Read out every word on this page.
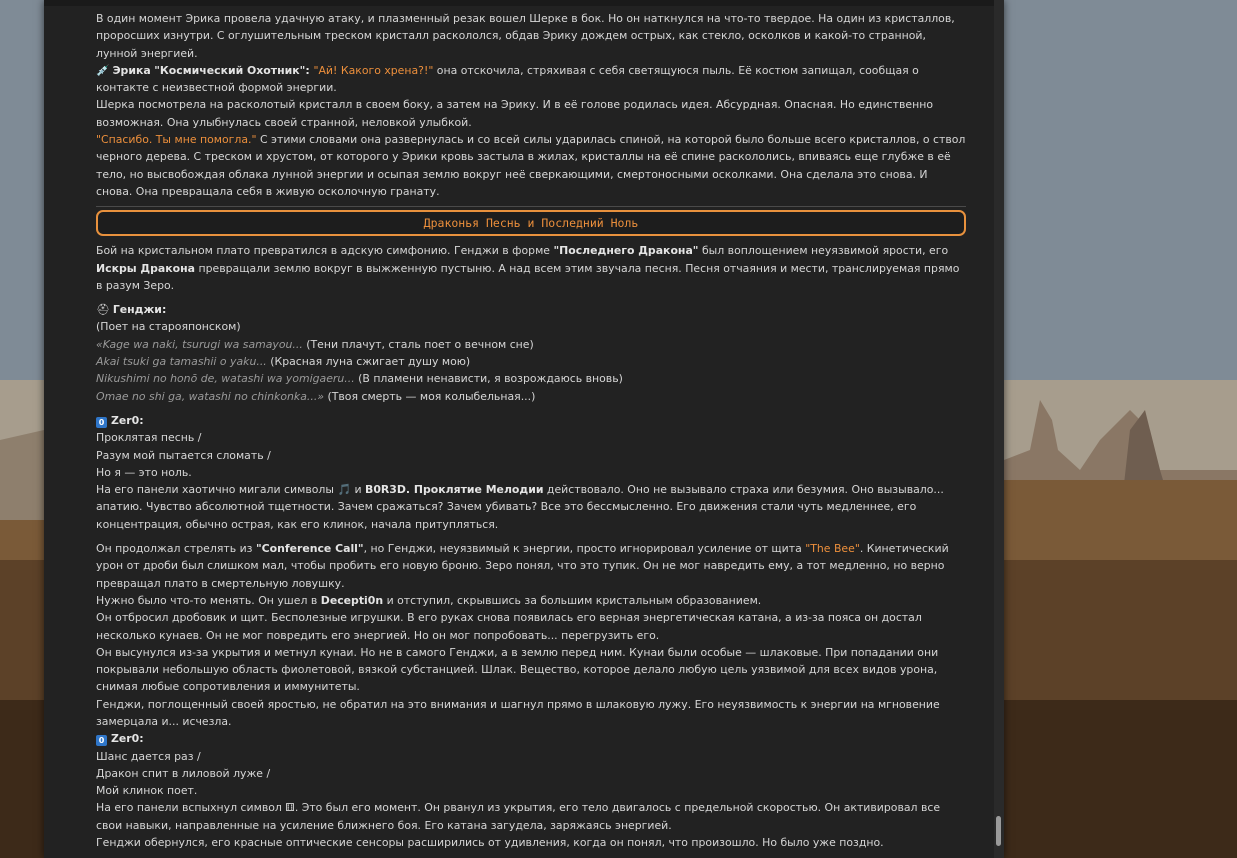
В один момент Эрика провела удачную атаку, и плазменный резак вошел Шерке в бок. Но он наткнулся на что-то твердое. На один из кристаллов, проросших изнутри. С оглушительным треском кристалл раскололся, обдав Эрику дождем острых, как стекло, осколков и какой-то странной, лунной энергией.

💉 Эрика "Космический Охотник": "Ай! Какого хрена?!" она отскочила, стряхивая с себя светящуюся пыль. Её костюм запищал, сообщая о контакте с неизвестной формой энергии.

Шерка посмотрела на расколотый кристалл в своем боку, а затем на Эрику. И в её голове родилась идея. Абсурдная. Опасная. Но единственно возможная. Она улыбнулась своей странной, неловкой улыбкой.

"Спасибо. Ты мне помогла." С этими словами она развернулась и со всей силы ударилась спиной, на которой было больше всего кристаллов, о ствол черного дерева. С треском и хрустом, от которого у Эрики кровь застыла в жилах, кристаллы на её спине раскололись, впиваясь еще глубже в её тело, но высвобождая облака лунной энергии и осыпая землю вокруг неё сверкающими, смертоносными осколками. Она сделала это снова. И снова. Она превращала себя в живую осколочную гранату.

Драконья Песнь и Последний Ноль

Бой на кристальном плато превратился в адскую симфонию. Генджи в форме "Последнего Дракона" был воплощением неуязвимой ярости, его Искры Дракона превращали землю вокруг в выжженную пустыню. А над всем этим звучала песня. Песня отчаяния и мести, транслируемая прямо в разум Зеро.

⛑ Генджи:

(Поет на старояпонском)

«Kage wa naki, tsurugi wa samayou... (Тени плачут, сталь поет о вечном сне)

Akai tsuki ga tamashii o yaku... (Красная луна сжигает душу мою)

Nikushimi no honō de, watashi wa yomigaeru... (В пламени ненависти, я возрождаюсь вновь)

Omae no shi ga, watashi no chinkonka...» (Твоя смерть — моя колыбельная...)

0 Zer0:

Проклятая песнь /

Разум мой пытается сломать /

Но я — это ноль.

На его панели хаотично мигали символы 🎵 и B0R3D. Проклятие Мелодии действовало. Оно не вызывало страха или безумия. Оно вызывало... апатию. Чувство абсолютной тщетности. Зачем сражаться? Зачем убивать? Все это бессмысленно. Его движения стали чуть медленнее, его концентрация, обычно острая, как его клинок, начала притупляться.

Он продолжал стрелять из "Conference Call", но Генджи, неуязвимый к энергии, просто игнорировал усиление от щита "The Bee". Кинетический урон от дроби был слишком мал, чтобы пробить его новую броню. Зеро понял, что это тупик. Он не мог навредить ему, а тот медленно, но верно превращал плато в смертельную ловушку.

Нужно было что-то менять. Он ушел в Decepti0n и отступил, скрывшись за большим кристальным образованием.

Он отбросил дробовик и щит. Бесполезные игрушки. В его руках снова появилась его верная энергетическая катана, а из-за пояса он достал несколько кунаев. Он не мог повредить его энергией. Но он мог попробовать... перегрузить его.

Он высунулся из-за укрытия и метнул кунаи. Но не в самого Генджи, а в землю перед ним. Кунаи были особые — шлаковые. При попадании они покрывали небольшую область фиолетовой, вязкой субстанцией. Шлак. Вещество, которое делало любую цель уязвимой для всех видов урона, снимая любые сопротивления и иммунитеты.

Генджи, поглощенный своей яростью, не обратил на это внимания и шагнул прямо в шлаковую лужу. Его неуязвимость к энергии на мгновение замерцала и... исчезла.

0 Zer0:

Шанс дается раз /

Дракон спит в лиловой луже /

Мой клинок поет.

На его панели вспыхнул символ ⚅. Это был его момент. Он рванул из укрытия, его тело двигалось с предельной скоростью. Он активировал все свои навыки, направленные на усиление ближнего боя. Его катана загудела, заряжаясь энергией.

Генджи обернулся, его красные оптические сенсоры расширились от удивления, когда он понял, что произошло. Но было уже поздно.
